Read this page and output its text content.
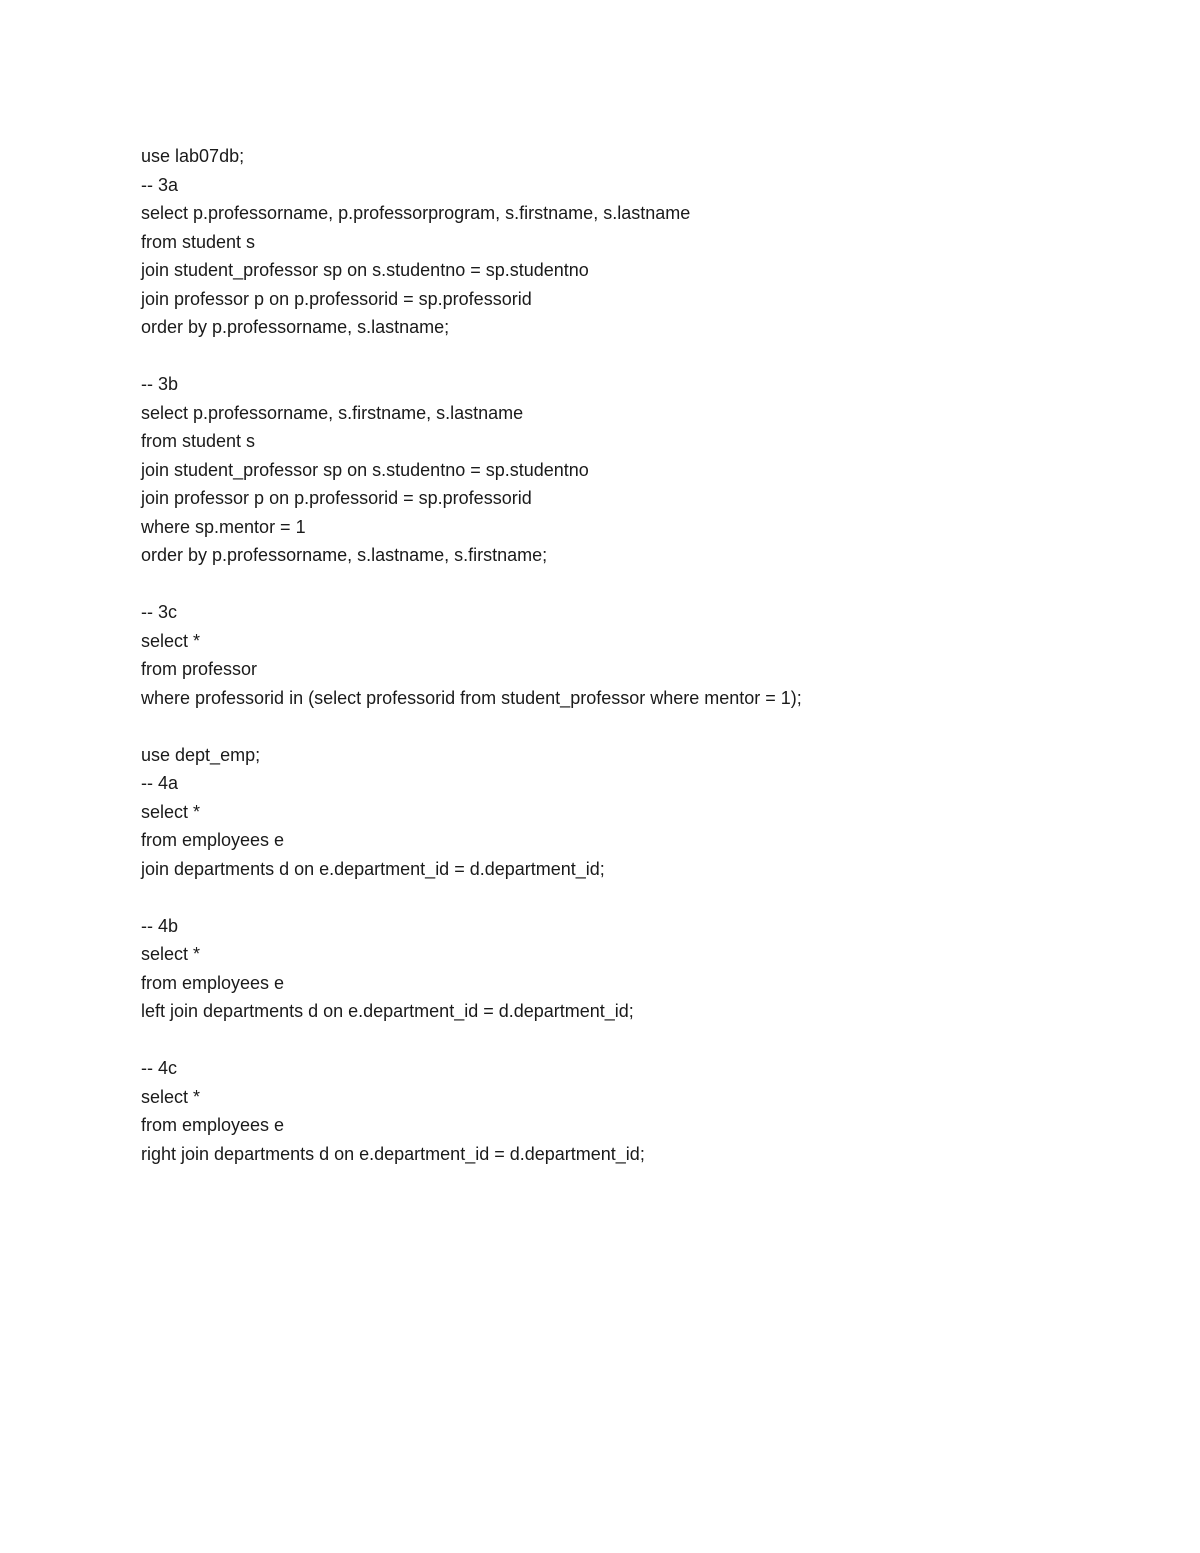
use lab07db;
-- 3a
select p.professorname, p.professorprogram, s.firstname, s.lastname
from student s
join student_professor sp on s.studentno = sp.studentno
join professor p on p.professorid = sp.professorid
order by p.professorname, s.lastname;
-- 3b
select p.professorname, s.firstname, s.lastname
from student s
join student_professor sp on s.studentno = sp.studentno
join professor p on p.professorid = sp.professorid
where sp.mentor = 1
order by p.professorname, s.lastname, s.firstname;
-- 3c
select *
from professor
where professorid in (select professorid from student_professor where mentor = 1);
use dept_emp;
-- 4a
select *
from employees e
join departments d on e.department_id = d.department_id;
-- 4b
select *
from employees e
left join departments d on e.department_id = d.department_id;
-- 4c
select *
from employees e
right join departments d on e.department_id = d.department_id;
